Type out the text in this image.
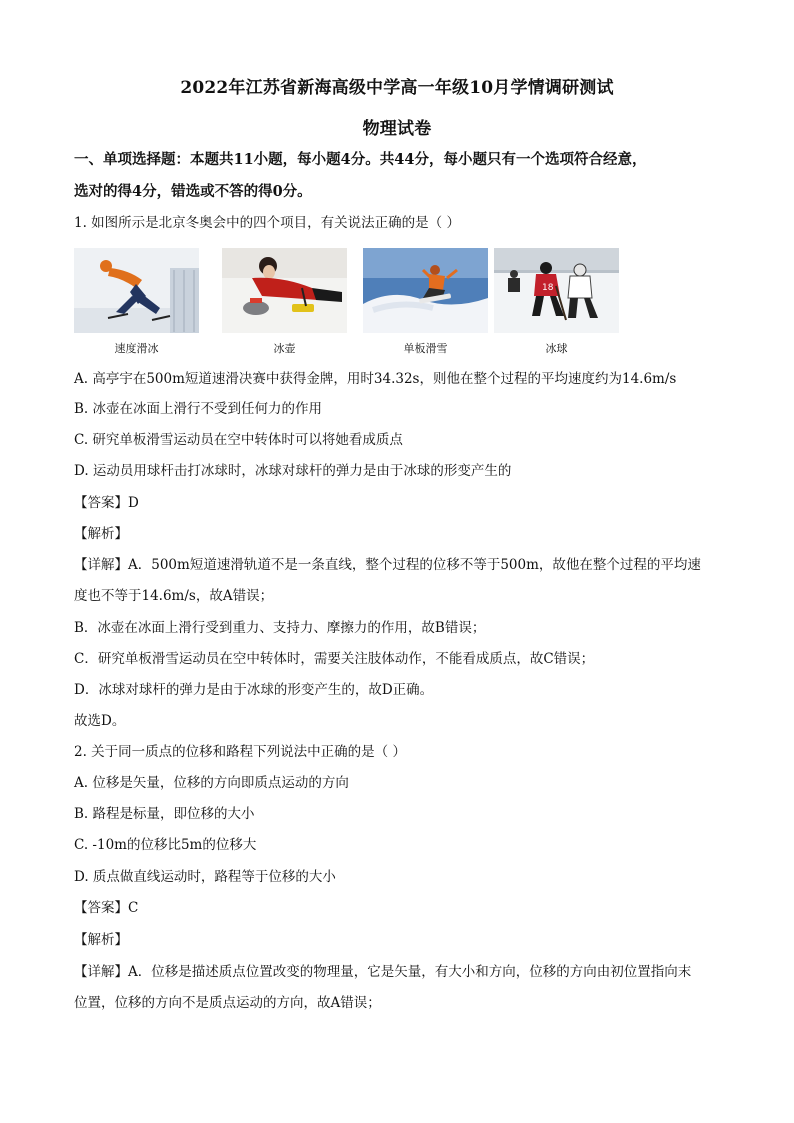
2022年江苏省新海高级中学高一年级10月学情调研测试
物理试卷
一、单项选择题：本题共11小题，每小题4分。共44分，每小题只有一个选项符合经意，
选对的得4分，错选或不答的得0分。
1. 如图所示是北京冬奥会中的四个项目，有关说法正确的是（ ）
速度滑冰	冰壶	单板滑雪
18
冰球
A. 高亭宇在500m短道速滑决赛中获得金牌，用时34.32s，则他在整个过程的平均速度约为14.6m/s
B. 冰壶在冰面上滑行不受到任何力的作用
C. 研究单板滑雪运动员在空中转体时可以将她看成质点
D. 运动员用球杆击打冰球时，冰球对球杆的弹力是由于冰球的形变产生的
【答案】D
【解析】
【详解】A．500m短道速滑轨道不是一条直线，整个过程的位移不等于500m，故他在整个过程的平均速
度也不等于14.6m/s，故A错误；
B．冰壶在冰面上滑行受到重力、支持力、摩擦力的作用，故B错误；
C．研究单板滑雪运动员在空中转体时，需要关注肢体动作，不能看成质点，故C错误；
D．冰球对球杆的弹力是由于冰球的形变产生的，故D正确。
故选D。
2. 关于同一质点的位移和路程下列说法中正确的是（ ）
A. 位移是矢量，位移的方向即质点运动的方向
B. 路程是标量，即位移的大小
C. -10m的位移比5m的位移大
D. 质点做直线运动时，路程等于位移的大小
【答案】C
【解析】
【详解】A．位移是描述质点位置改变的物理量，它是矢量，有大小和方向，位移的方向由初位置指向末
位置，位移的方向不是质点运动的方向，故A错误；
